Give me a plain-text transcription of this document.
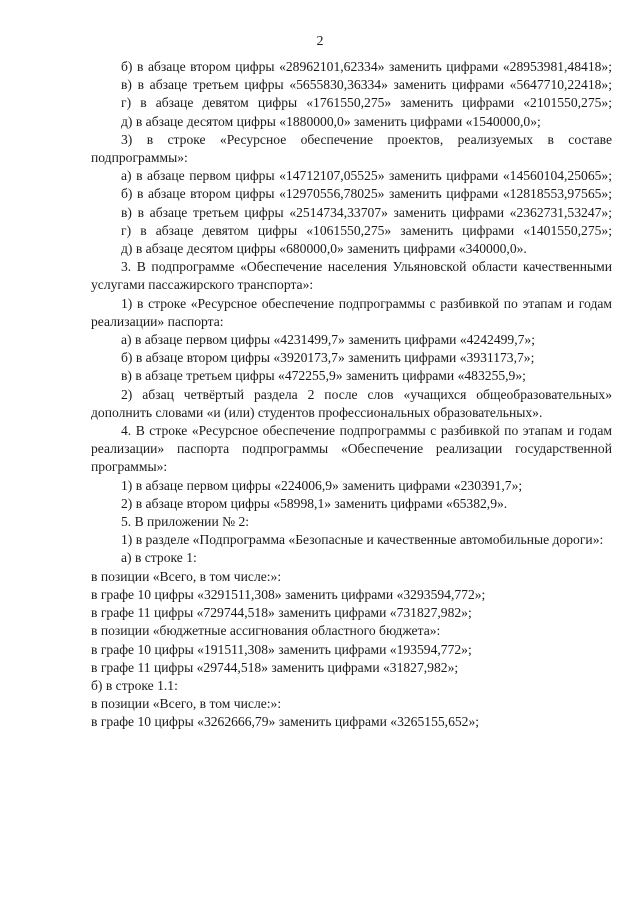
2

б) в абзаце втором цифры «28962101,62334» заменить цифрами «28953981,48418»;

в) в абзаце третьем цифры «5655830,36334» заменить цифрами «5647710,22418»;

г) в абзаце девятом цифры «1761550,275» заменить цифрами «2101550,275»;

д) в абзаце десятом цифры «1880000,0» заменить цифрами «1540000,0»;

3) в строке «Ресурсное обеспечение проектов, реализуемых в составе подпрограммы»:

а) в абзаце первом цифры «14712107,05525» заменить цифрами «14560104,25065»;

б) в абзаце втором цифры «12970556,78025» заменить цифрами «12818553,97565»;

в) в абзаце третьем цифры «2514734,33707» заменить цифрами «2362731,53247»;

г) в абзаце девятом цифры «1061550,275» заменить цифрами «1401550,275»;

д) в абзаце десятом цифры «680000,0» заменить цифрами «340000,0».

3. В подпрограмме «Обеспечение населения Ульяновской области качественными услугами пассажирского транспорта»:

1) в строке «Ресурсное обеспечение подпрограммы с разбивкой по этапам и годам реализации» паспорта:

а) в абзаце первом цифры «4231499,7» заменить цифрами «4242499,7»;

б) в абзаце втором цифры «3920173,7» заменить цифрами «3931173,7»;

в) в абзаце третьем цифры «472255,9» заменить цифрами «483255,9»;

2) абзац четвёртый раздела 2 после слов «учащихся общеобразовательных» дополнить словами «и (или) студентов профессиональных образовательных».

4. В строке «Ресурсное обеспечение подпрограммы с разбивкой по этапам и годам реализации» паспорта подпрограммы «Обеспечение реализации государственной программы»:

1) в абзаце первом цифры «224006,9» заменить цифрами «230391,7»;

2) в абзаце втором цифры «58998,1» заменить цифрами «65382,9».

5. В приложении № 2:

1) в разделе «Подпрограмма «Безопасные и качественные автомобильные дороги»:

а) в строке 1:

в позиции «Всего, в том числе:»:

в графе 10 цифры «3291511,308» заменить цифрами «3293594,772»;

в графе 11 цифры «729744,518» заменить цифрами «731827,982»;

в позиции «бюджетные ассигнования областного бюджета»:

в графе 10 цифры «191511,308» заменить цифрами «193594,772»;

в графе 11 цифры «29744,518» заменить цифрами «31827,982»;

б) в строке 1.1:

в позиции «Всего, в том числе:»:

в графе 10 цифры «3262666,79» заменить цифрами «3265155,652»;
